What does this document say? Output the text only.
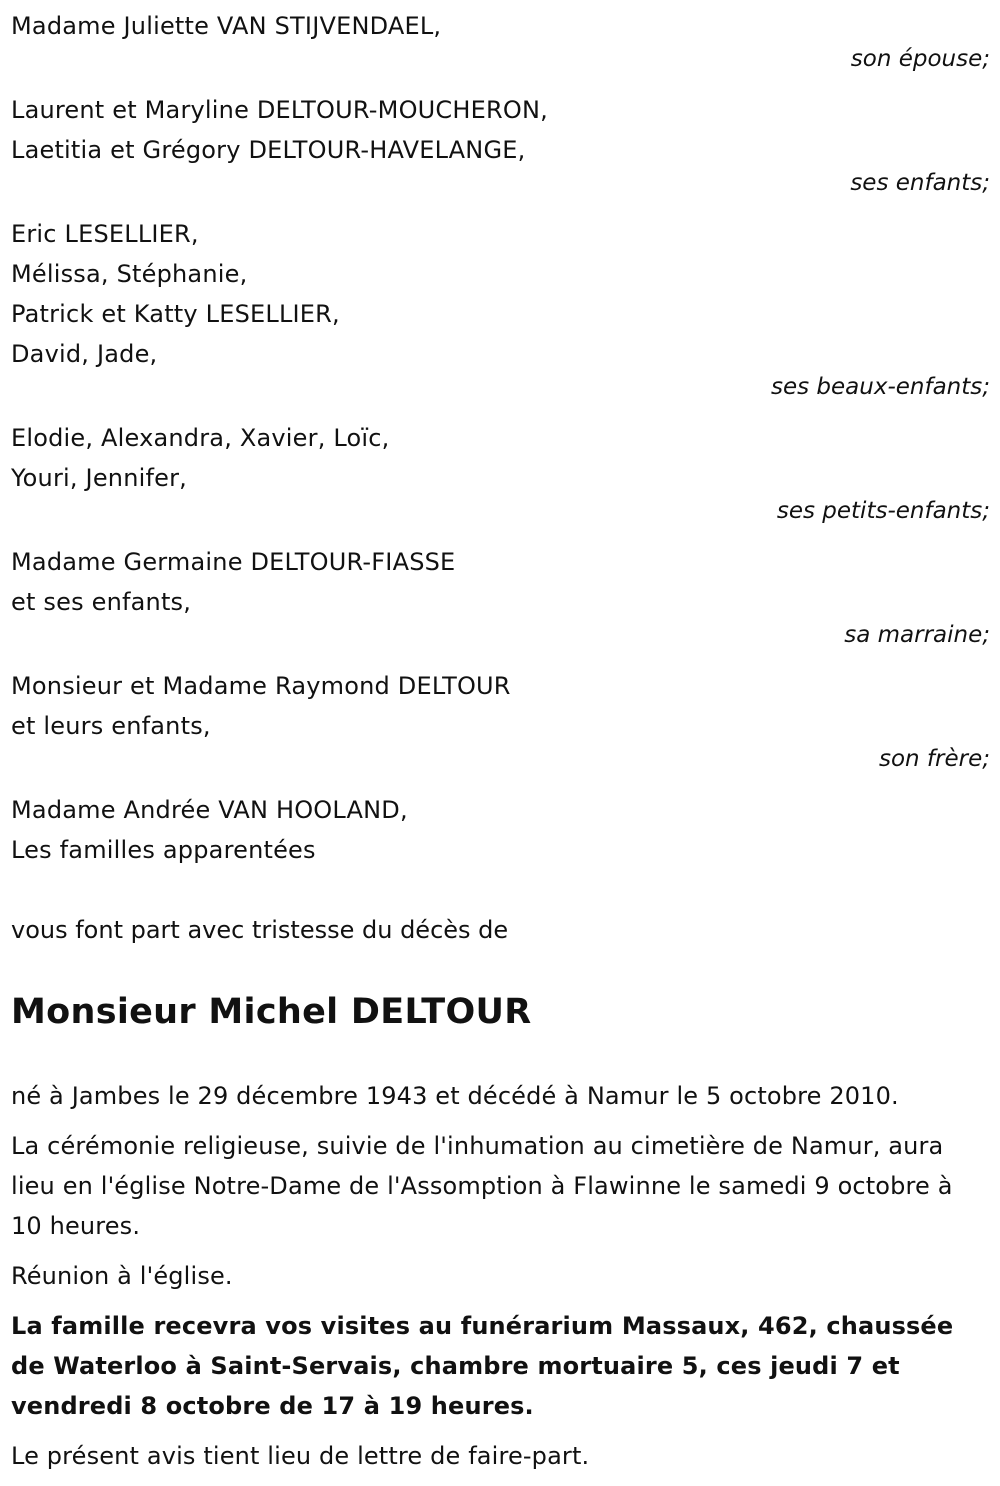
Madame Juliette VAN STIJVENDAEL,
son épouse;
Laurent et Maryline DELTOUR-MOUCHERON,
Laetitia et Grégory DELTOUR-HAVELANGE,
ses enfants;
Eric LESELLIER,
Mélissa, Stéphanie,
Patrick et Katty LESELLIER,
David, Jade,
ses beaux-enfants;
Elodie, Alexandra, Xavier, Loïc,
Youri, Jennifer,
ses petits-enfants;
Madame Germaine DELTOUR-FIASSE
et ses enfants,
sa marraine;
Monsieur et Madame Raymond DELTOUR
et leurs enfants,
son frère;
Madame Andrée VAN HOOLAND,
Les familles apparentées
vous font part avec tristesse du décès de
Monsieur Michel DELTOUR

né à Jambes le 29 décembre 1943 et décédé à Namur le 5 octobre 2010.

La cérémonie religieuse, suivie de l'inhumation au cimetière de Namur, aura lieu en l'église Notre-Dame de l'Assomption à Flawinne le samedi 9 octobre à 10 heures.

Réunion à l'église.

La famille recevra vos visites au funérarium Massaux, 462, chaussée de Waterloo à Saint-Servais, chambre mortuaire 5, ces jeudi 7 et vendredi 8 octobre de 17 à 19 heures.

Le présent avis tient lieu de lettre de faire-part.
